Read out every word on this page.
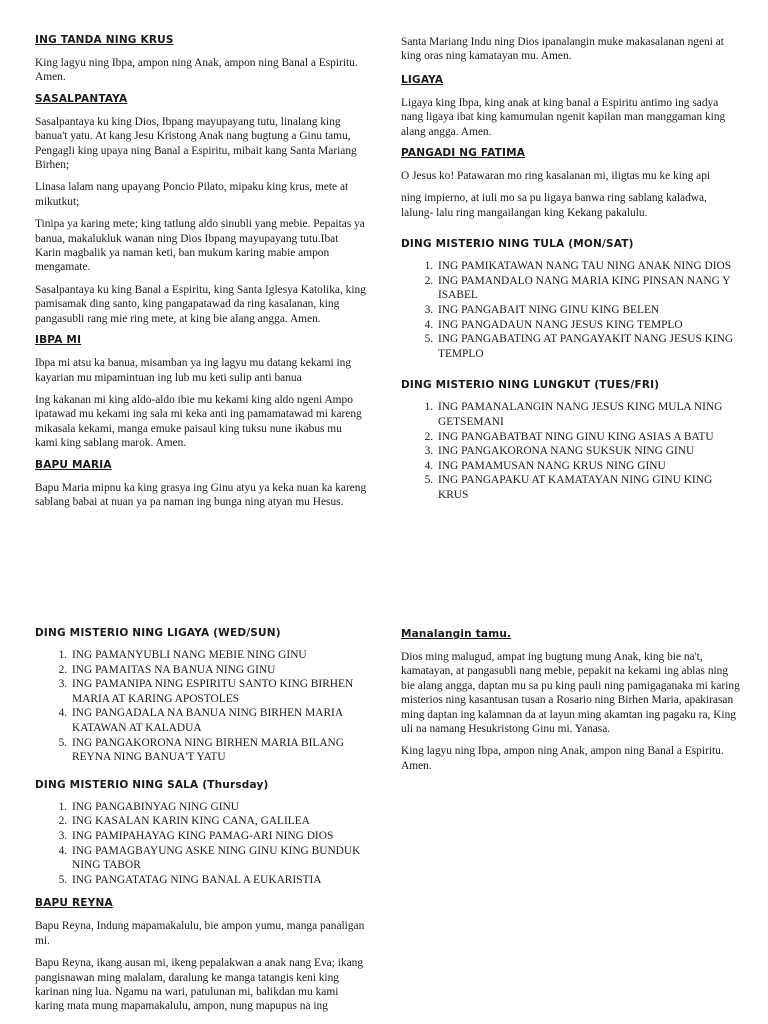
ING TANDA NING KRUS

King lagyu ning Ibpa, ampon ning Anak, ampon ning Banal a Espiritu. Amen.

SASALPANTAYA

Sasalpantaya ku king Dios, Ibpang mayupayang tutu, linalang king banua't yatu. At kang Jesu Kristong Anak nang bugtung a Ginu tamu, Pengagli king upaya ning Banal a Espiritu, mibait kang Santa Mariang Birhen;

Linasa lalam nang upayang Poncio Pilato, mipaku king krus, mete at mikutkut;

Tinipa ya karing mete; king tatlung aldo sinubli yang mebie. Pepaitas ya banua, makalukluk wanan ning Dios Ibpang mayupayang tutu.Ibat Karin magbalik ya naman keti, ban mukum karing mabie ampon mengamate.

Sasalpantaya ku king Banal a Espiritu, king Santa Iglesya Katolika, king pamisamak ding santo, king pangapatawad da ring kasalanan, king pangasubli rang mie ring mete, at king bie alang angga. Amen.

IBPA MI

Ibpa mi atsu ka banua, misamban ya ing lagyu mu datang kekami ing kayarian mu mipamintuan ing lub mu keti sulip anti banua

Ing kakanan mi king aldo-aldo ibie mu kekami king aldo ngeni Ampo ipatawad mu kekami ing sala mi keka anti ing pamamatawad mi kareng mikasala kekami, manga emuke paisaul king tuksu nune ikabus mu kami king sablang marok. Amen.

BAPU MARIA

Bapu Maria mipnu ka king grasya ing Ginu atyu ya keka nuan ka kareng sablang babai at nuan ya pa naman ing bunga ning atyan mu Hesus.

Santa Mariang Indu ning Dios ipanalangin muke makasalanan ngeni at king oras ning kamatayan mu. Amen.

LIGAYA

Ligaya king Ibpa, king anak at king banal a Espiritu antimo ing sadya nang ligaya ibat king kamumulan ngenit kapilan man manggaman king alang angga. Amen.

PANGADI NG FATIMA

O Jesus ko! Patawaran mo ring kasalanan mi, iligtas mu ke king api

ning impierno, at iuli mo sa pu ligaya banwa ring sablang kaladwa, lalung- lalu ring mangailangan king Kekang pakalulu.

DING MISTERIO NING TULA (MON/SAT)
1. ING PAMIKATAWAN NANG TAU NING ANAK NING DIOS
2. ING PAMANDALO NANG MARIA KING PINSAN NANG Y ISABEL
3. ING PANGABAIT NING GINU KING BELEN
4. ING PANGADAUN NANG JESUS KING TEMPLO
5. ING PANGABATING AT PANGAYAKIT NANG JESUS KING TEMPLO
DING MISTERIO NING LUNGKUT (TUES/FRI)
1. ING PAMANALANGIN NANG JESUS KING MULA NING GETSEMANI
2. ING PANGABATBAT NING GINU KING ASIAS A BATU
3. ING PANGAKORONA NANG SUKSUK NING GINU
4. ING PAMAMUSAN NANG KRUS NING GINU
5. ING PANGAPAKU AT KAMATAYAN NING GINU KING KRUS
DING MISTERIO NING LIGAYA (WED/SUN)
1. ING PAMANYUBLI NANG MEBIE NING GINU
2. ING PAMAITAS NA BANUA NING GINU
3. ING PAMANIPA NING ESPIRITU SANTO KING BIRHEN MARIA AT KARING APOSTOLES
4. ING PANGADALA NA BANUA NING BIRHEN MARIA KATAWAN AT KALADUA
5. ING PANGAKORONA NING BIRHEN MARIA BILANG REYNA NING BANUA'T YATU
DING MISTERIO NING SALA (Thursday)
1. ING PANGABINYAG NING GINU
2. ING KASALAN KARIN KING CANA, GALILEA
3. ING PAMIPAHAYAG KING PAMAG-ARI NING DIOS
4. ING PAMAGBAYUNG ASKE NING GINU KING BUNDUK NING TABOR
5. ING PANGATATAG NING BANAL A EUKARISTIA
BAPU REYNA

Bapu Reyna, Indung mapamakalulu, bie ampon yumu, manga panaligan mi.

Bapu Reyna, ikang ausan mi, ikeng pepalakwan a anak nang Eva; ikang pangisnawan ming malalam, daralung ke manga tatangis keni king karinan ning lua. Ngamu na wari, patulunan mi, balikdan mu kami karing mata mung mapamakalulu, ampon, nung mapupus na ing

Manalangin tamu.

Dios ming malugud, ampat ing bugtung mung Anak, king bie na't, kamatayan, at pangasubli nang mebie, pepakit na kekami ing ablas ning bie alang angga, daptan mu sa pu king pauli ning pamigaganaka mi karing misterios ning kasantusan tusan a Rosario ning Birhen Maria, apakirasan ming daptan ing kalamnan da at layun ming akamtan ing pagaku ra, King uli na namang Hesukristong Ginu mi. Yanasa.

King lagyu ning Ibpa, ampon ning Anak, ampon ning Banal a Espiritu. Amen.
